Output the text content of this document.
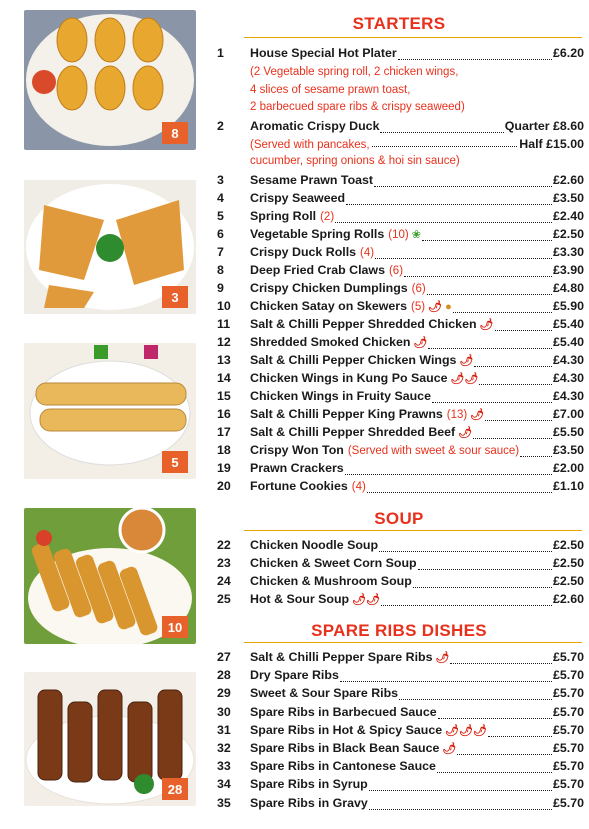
8
3
5
10
28
STARTERS
1	House Special Hot Plater	£6.20
(2 Vegetable spring roll, 2 chicken wings,
4 slices of sesame prawn toast,
2 barbecued spare ribs & crispy seaweed)
2	Aromatic Crispy Duck	Quarter £8.60
(Served with pancakes,	Half £15.00
cucumber, spring onions & hoi sin sauce)
3	Sesame Prawn Toast	£2.60
4	Crispy Seaweed	£3.50
5	Spring Roll (2)	£2.40
6	Vegetable Spring Rolls (10) ❀	£2.50
7	Crispy Duck Rolls (4)	£3.30
8	Deep Fried Crab Claws (6)	£3.90
9	Crispy Chicken Dumplings (6)	£4.80
10	Chicken Satay on Skewers (5) 🌶︎ ●	£5.90
11	Salt & Chilli Pepper Shredded Chicken 🌶︎	£5.40
12	Shredded Smoked Chicken 🌶︎	£5.40
13	Salt & Chilli Pepper Chicken Wings 🌶︎	£4.30
14	Chicken Wings in Kung Po Sauce 🌶︎🌶︎	£4.30
15	Chicken Wings in Fruity Sauce	£4.30
16	Salt & Chilli Pepper King Prawns (13) 🌶︎	£7.00
17	Salt & Chilli Pepper Shredded Beef 🌶︎	£5.50
18	Crispy Won Ton (Served with sweet & sour sauce)	£3.50
19	Prawn Crackers	£2.00
20	Fortune Cookies (4)	£1.10
SOUP
22	Chicken Noodle Soup	£2.50
23	Chicken & Sweet Corn Soup	£2.50
24	Chicken & Mushroom Soup	£2.50
25	Hot & Sour Soup 🌶︎🌶︎	£2.60
SPARE RIBS DISHES
27	Salt & Chilli Pepper Spare Ribs 🌶︎	£5.70
28	Dry Spare Ribs	£5.70
29	Sweet & Sour Spare Ribs	£5.70
30	Spare Ribs in Barbecued Sauce	£5.70
31	Spare Ribs in Hot & Spicy Sauce 🌶︎🌶︎🌶︎	£5.70
32	Spare Ribs in Black Bean Sauce 🌶︎	£5.70
33	Spare Ribs in Cantonese Sauce	£5.70
34	Spare Ribs in Syrup	£5.70
35	Spare Ribs in Gravy	£5.70
